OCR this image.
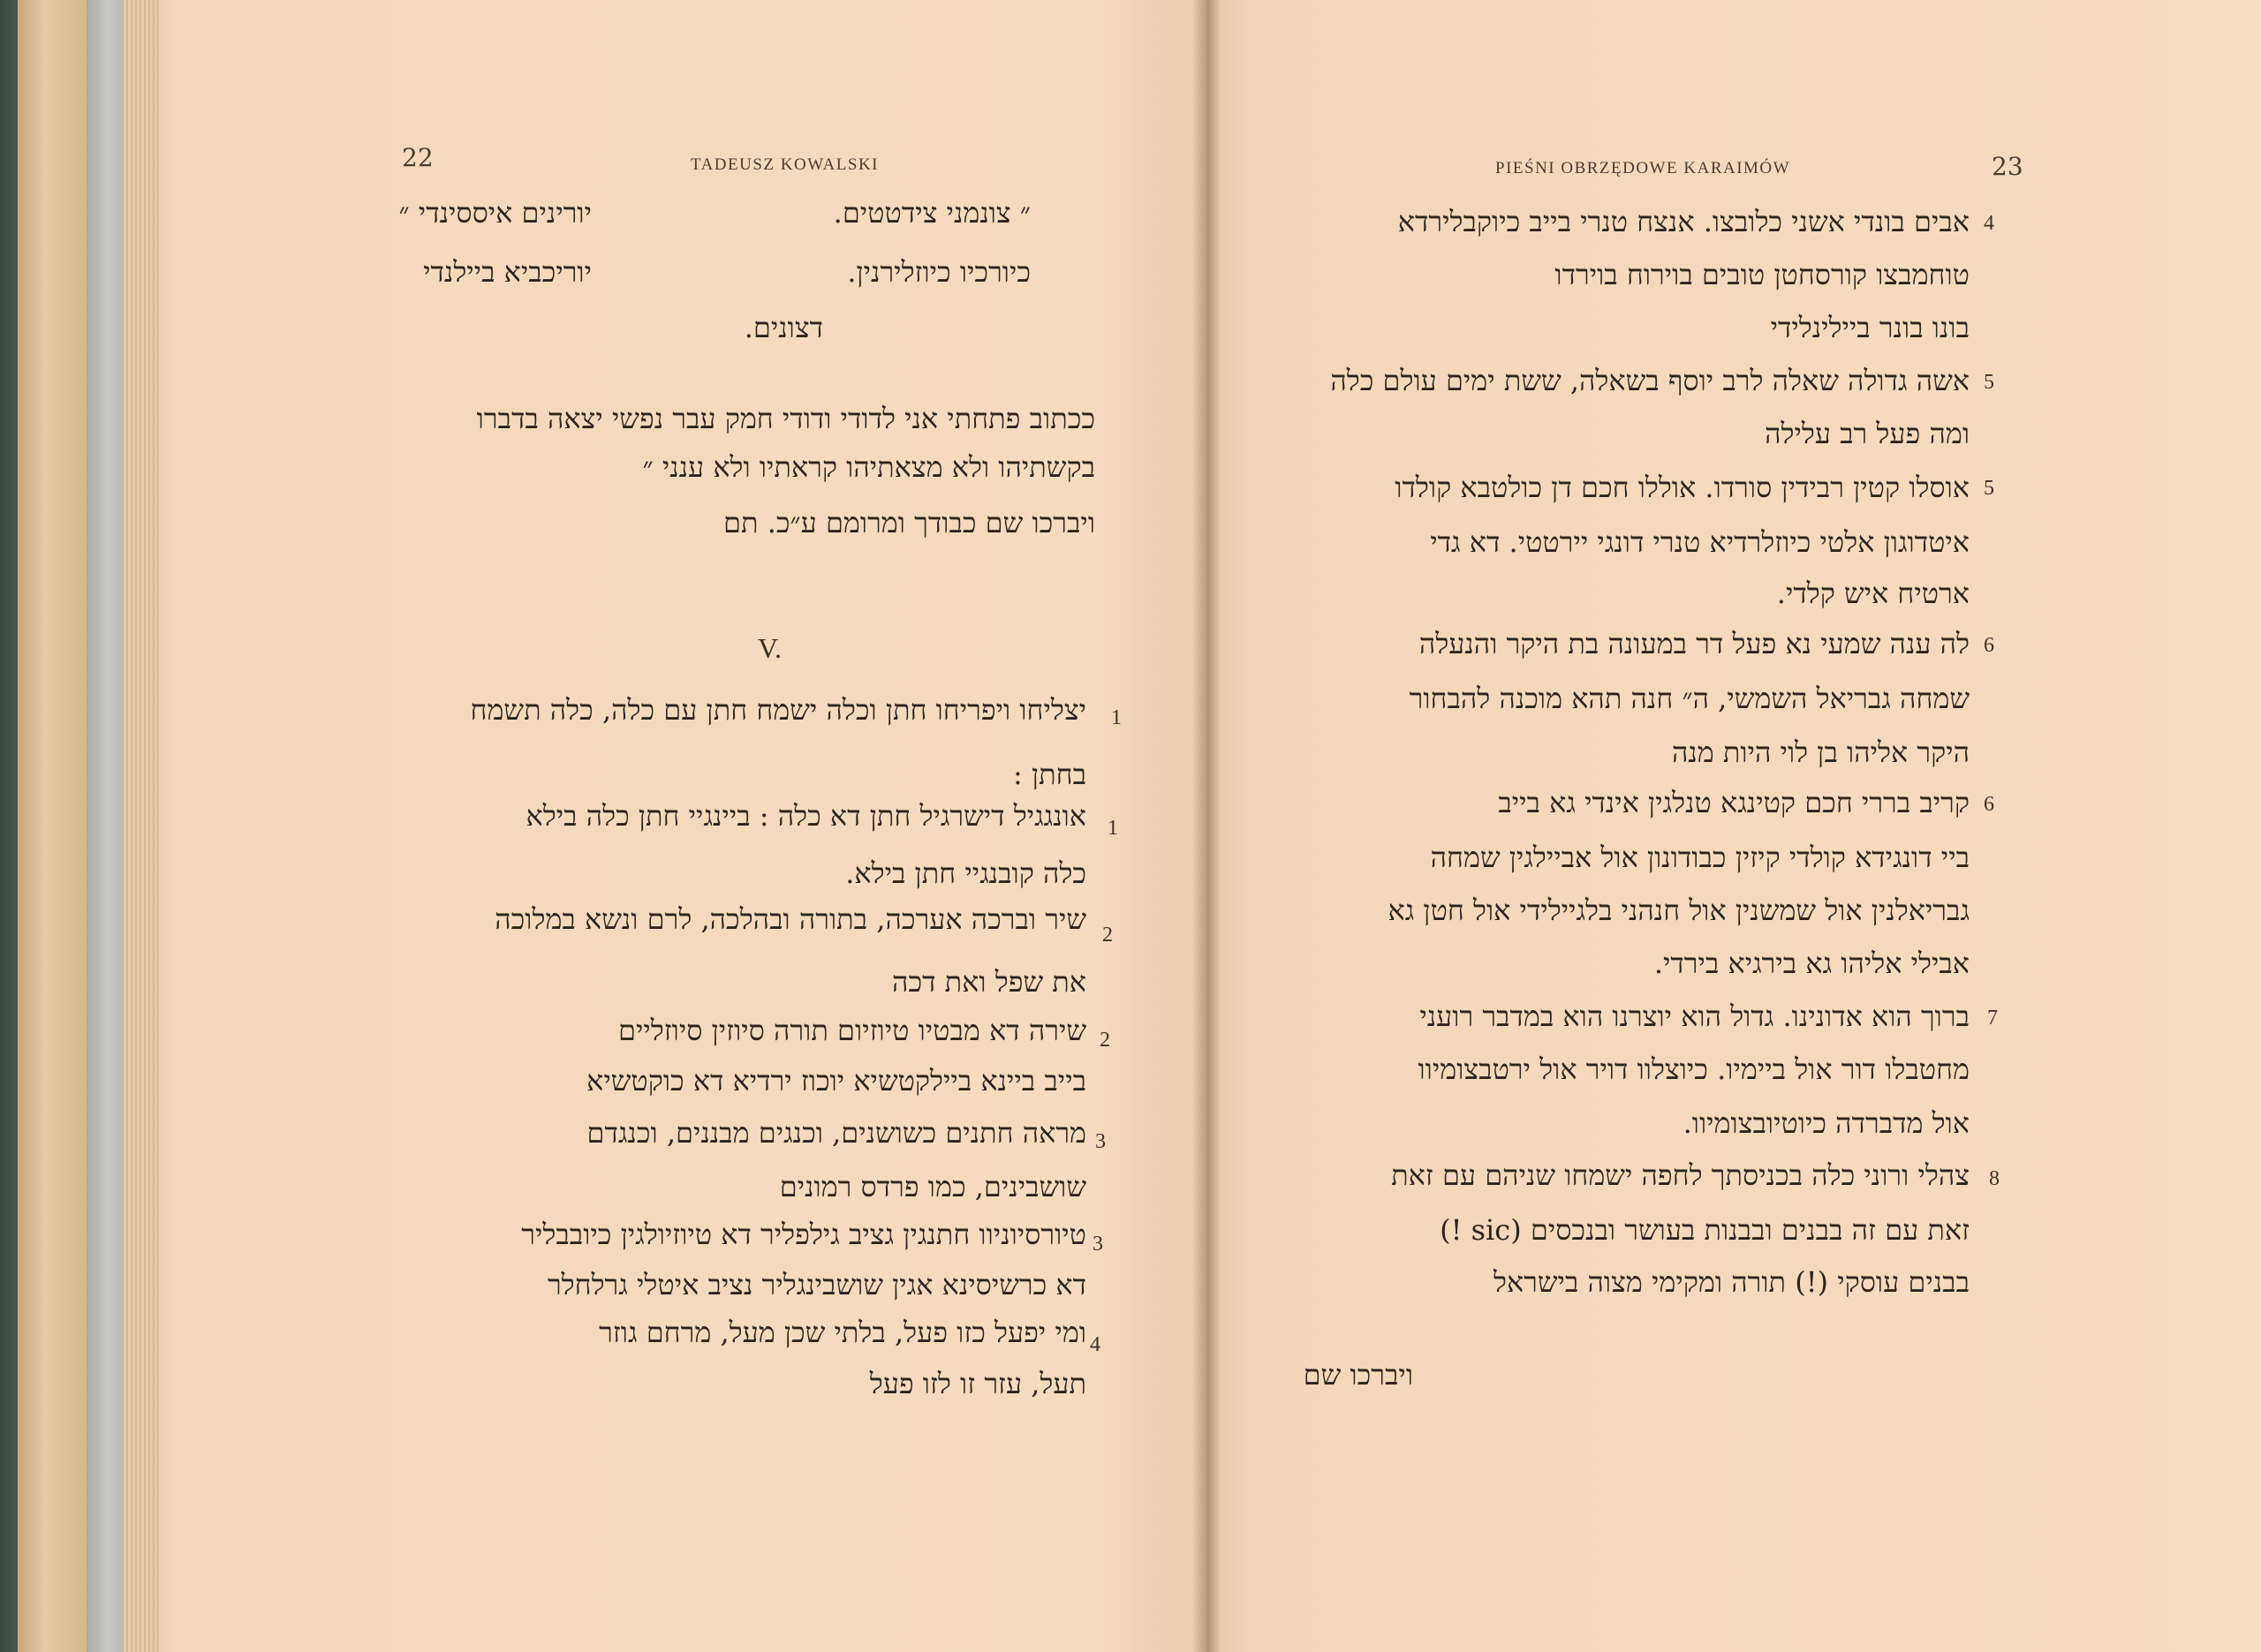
22	TADEUSZ KOWALSKI
״ צונמני צידטטים.
יורינים איססינדי ״
כיורכיו כיוזלירנין.
יוריכביא ביילנדי
דצונים.
ככתוב פתחתי אני לדודי ודודי חמק עבר נפשי יצאה בדברו
בקשתיהו ולא מצאתיהו קראתיו ולא ענני ״
ויברכו שם כבודך ומרומם ע״כ. תם
V.
1
יצליחו ויפריחו חתן וכלה ישמח חתן עם כלה, כלה תשמח
בחתן :
1
אונגגיל דישרגיל חתן דא כלה : ביינגיי חתן כלה בילא
כלה קובנגיי חתן בילא.
2
שיר וברכה אערכה, בתורה ובהלכה, לרם ונשא במלוכה
את שפל ואת דכה
2
שירה דא מבטיו טיוזיום תורה סיוזין סיוזליים
בייב ביינא ביילקטשיא יוכוז ירדיא דא כוקטשיא
3
מראה חתנים כשושנים, וכנגים מבננים, וכנגדם
שושבינים, כמו פרדס רמונים
3
טיורסיוניוו חתנגין גציב גילפליר דא טיוזיולגין כיובבליר
דא כרשיסינא אגין שושבינגליר נציב איטלי גרלחלר
4
ומי יפעל כזו פעל, בלתי שכן מעל, מרחם גוזר
תעל, עזר זו לזו פעל
PIEŚNI OBRZĘDOWE KARAIMÓW	23
4
אבים בונדי אשני כלובצו. אנצח טנרי בייב כיוקבלירדא
טוחמבצו קורסחטן טובים בוירוח בוירדו
בונו בונר ביילינלידי
5
אשה גדולה שאלה לרב יוסף בשאלה, ששת ימים עולם כלה
ומה פעל רב עלילה
5
אוסלו קטין רבידין סורדו. אוללו חכם דן כולטבא קולדו
איטדוגון אלטי כיוזלרדיא טנרי דונגי יירטטי. דא גדי
ארטיח איש קלדי.
6
לה ענה שמעי נא פעל דר במעונה בת היקר והנעלה
שמחה גבריאל השמשי, ה״ חנה תהא מוכנה להבחור
היקר אליהו בן לוי היות מנה
6
קריב בררי חכם קטינגא טנלגין אינדי גא בייב
ביי דונגידא קולדי קיזין כבודונון אול אביילגין שמחה
גבריאלנין אול שמשנין אול חנהני בלגיילידי אול חטן גא
אבילי אליהו גא בירגיא בירדי.
7
ברוך הוא אדונינו. גדול הוא יוצרנו הוא במדבר רועני
מחטבלו דור אול ביימיו. כיוצלוו דויר אול ירטבצומיוו
אול מדברדה כיוטיובצומיוו.
8
צהלי ורוני כלה בכניסתך לחפה ישמחו שניהם עם זאת
זאת עם זה בבנים ובבנות בעושר ובנכסים (sic !)
בבנים עוסקי (!) תורה ומקימי מצוה בישראל
ויברכו שם
